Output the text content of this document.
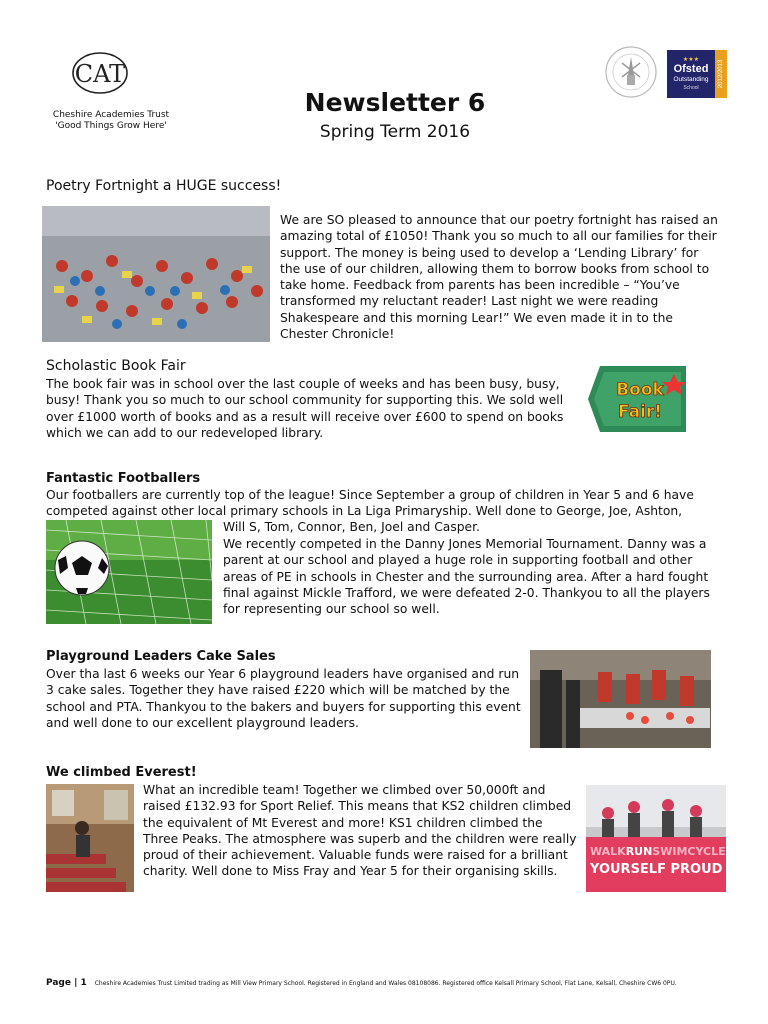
CAT
Cheshire Academies Trust
'Good Things Grow Here'
Newsletter 6
Spring Term 2016
★★★
Ofsted
Outstanding
School	2012/2013
Poetry Fortnight a HUGE success!

We are SO pleased to announce that our poetry fortnight has raised an amazing total of £1050! Thank you so much to all our families for their support. The money is being used to develop a ‘Lending Library’ for the use of our children, allowing them to borrow books from school to take home. Feedback from parents has been incredible – “You’ve transformed my reluctant reader! Last night we were reading Shakespeare and this morning Lear!” We even made it in to the Chester Chronicle!

Scholastic Book Fair

The book fair was in school over the last couple of weeks and has been busy, busy, busy! Thank you so much to our school community for supporting this. We sold well over £1000 worth of books and as a result will receive over £600 to spend on books which we can add to our redeveloped library.

Book
Fair!
Fantastic Footballers

Our footballers are currently top of the league! Since September a group of children in Year 5 and 6 have competed against other local primary schools in La Liga Primaryship. Well done to George, Joe, Ashton,

Will S, Tom, Connor, Ben, Joel and Casper.

We recently competed in the Danny Jones Memorial Tournament. Danny was a parent at our school and played a huge role in supporting football and other areas of PE in schools in Chester and the surrounding area. After a hard fought final against Mickle Trafford, we were defeated 2-0. Thankyou to all the players for representing our school so well.

Playground Leaders Cake Sales

Over tha last 6 weeks our Year 6 playground leaders have organised and run 3 cake sales. Together they have raised £220 which will be matched by the school and PTA. Thankyou to the bakers and buyers for supporting this event and well done to our excellent playground leaders.

We climbed Everest!

What an incredible team! Together we climbed over 50,000ft and raised £132.93 for Sport Relief. This means that KS2 children climbed the equivalent of Mt Everest and more! KS1 children climbed the Three Peaks. The atmosphere was superb and the children were really proud of their achievement. Valuable funds were raised for a brilliant charity. Well done to Miss Fray and Year 5 for their organising skills.

WALKRUNSWIMCYCLE
YOURSELF PROUD
Page | 1 Cheshire Academies Trust Limited trading as Mill View Primary School. Registered in England and Wales 08108086. Registered office Kelsall Primary School, Flat Lane, Kelsall, Cheshire CW6 0PU.
